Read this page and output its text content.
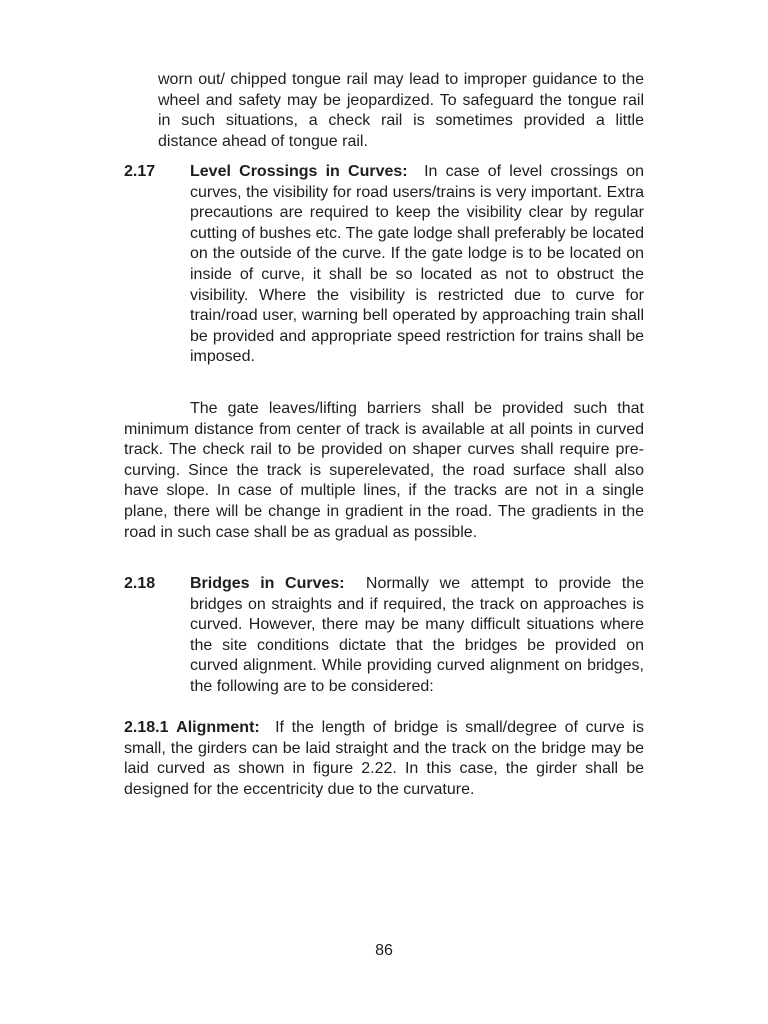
worn out/ chipped tongue rail may lead to improper guidance to the wheel and safety may be jeopardized. To safeguard the tongue rail in such situations, a check rail is sometimes provided a little distance ahead of tongue rail.

2.17 Level Crossings in Curves: In case of level crossings on curves, the visibility for road users/trains is very important. Extra precautions are required to keep the visibility clear by regular cutting of bushes etc. The gate lodge shall preferably be located on the outside of the curve. If the gate lodge is to be located on inside of curve, it shall be so located as not to obstruct the visibility. Where the visibility is restricted due to curve for train/road user, warning bell operated by approaching train shall be provided and appropriate speed restriction for trains shall be imposed.

The gate leaves/lifting barriers shall be provided such that minimum distance from center of track is available at all points in curved track. The check rail to be provided on shaper curves shall require pre-curving. Since the track is superelevated, the road surface shall also have slope. In case of multiple lines, if the tracks are not in a single plane, there will be change in gradient in the road. The gradients in the road in such case shall be as gradual as possible.

2.18 Bridges in Curves: Normally we attempt to provide the bridges on straights and if required, the track on approaches is curved. However, there may be many difficult situations where the site conditions dictate that the bridges be provided on curved alignment. While providing curved alignment on bridges, the following are to be considered:

2.18.1 Alignment: If the length of bridge is small/degree of curve is small, the girders can be laid straight and the track on the bridge may be laid curved as shown in figure 2.22. In this case, the girder shall be designed for the eccentricity due to the curvature.

86
